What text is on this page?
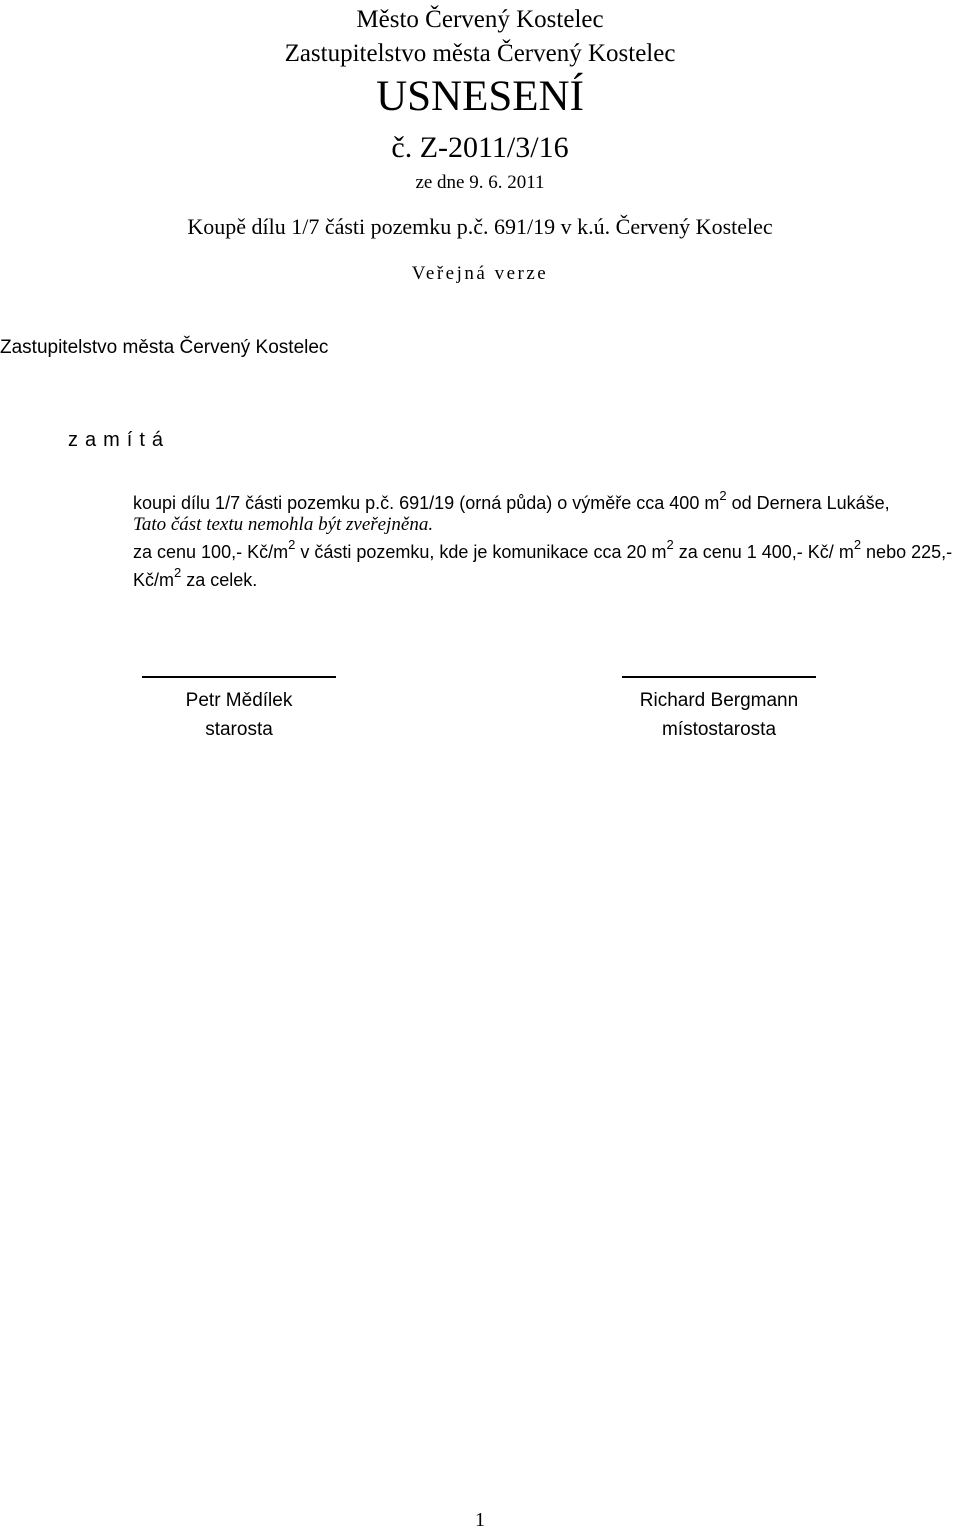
Město Červený Kostelec
Zastupitelstvo města Červený Kostelec
USNESENÍ
č. Z-2011/3/16
ze dne 9. 6. 2011
Koupě dílu 1/7 části pozemku p.č. 691/19 v k.ú. Červený Kostelec
Veřejná verze
Zastupitelstvo města Červený Kostelec
zamítá

koupi dílu 1/7 části pozemku p.č. 691/19 (orná půda) o výměře cca 400 $m^2$ od Dernera Lukáše,

Tato část textu nemohla být zveřejněna.

za cenu 100,- $Kč/m^2$ v části pozemku, kde je komunikace cca 20 $m^2$ za cenu 1 400,- Kč/ $m^2$ nebo 225,- $Kč/m^2$ za celek.

Petr Mědílek
starosta
Richard Bergmann
místostarosta
1
